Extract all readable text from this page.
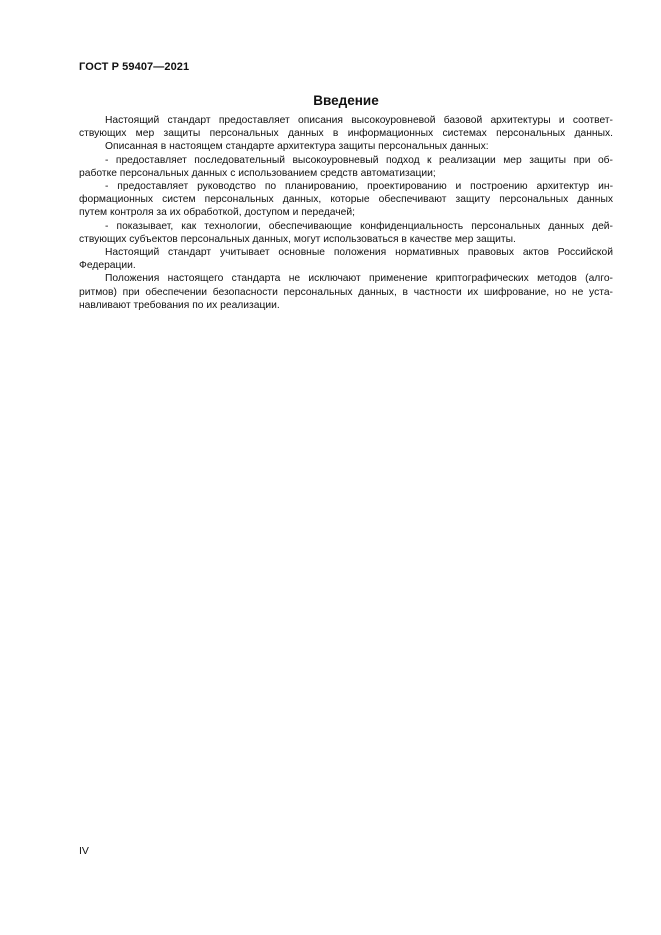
ГОСТ Р 59407—2021
Введение
Настоящий стандарт предоставляет описания высокоуровневой базовой архитектуры и соответ-
ствующих мер защиты персональных данных в информационных системах персональных данных.
Описанная в настоящем стандарте архитектура защиты персональных данных:
- предоставляет последовательный высокоуровневый подход к реализации мер защиты при об-
работке персональных данных с использованием средств автоматизации;
- предоставляет руководство по планированию, проектированию и построению архитектур ин-
формационных систем персональных данных, которые обеспечивают защиту персональных данных
путем контроля за их обработкой, доступом и передачей;
- показывает, как технологии, обеспечивающие конфиденциальность персональных данных дей-
ствующих субъектов персональных данных, могут использоваться в качестве мер защиты.
Настоящий стандарт учитывает основные положения нормативных правовых актов Российской
Федерации.
Положения настоящего стандарта не исключают применение криптографических методов (алго-
ритмов) при обеспечении безопасности персональных данных, в частности их шифрование, но не уста-
навливают требования по их реализации.
IV
